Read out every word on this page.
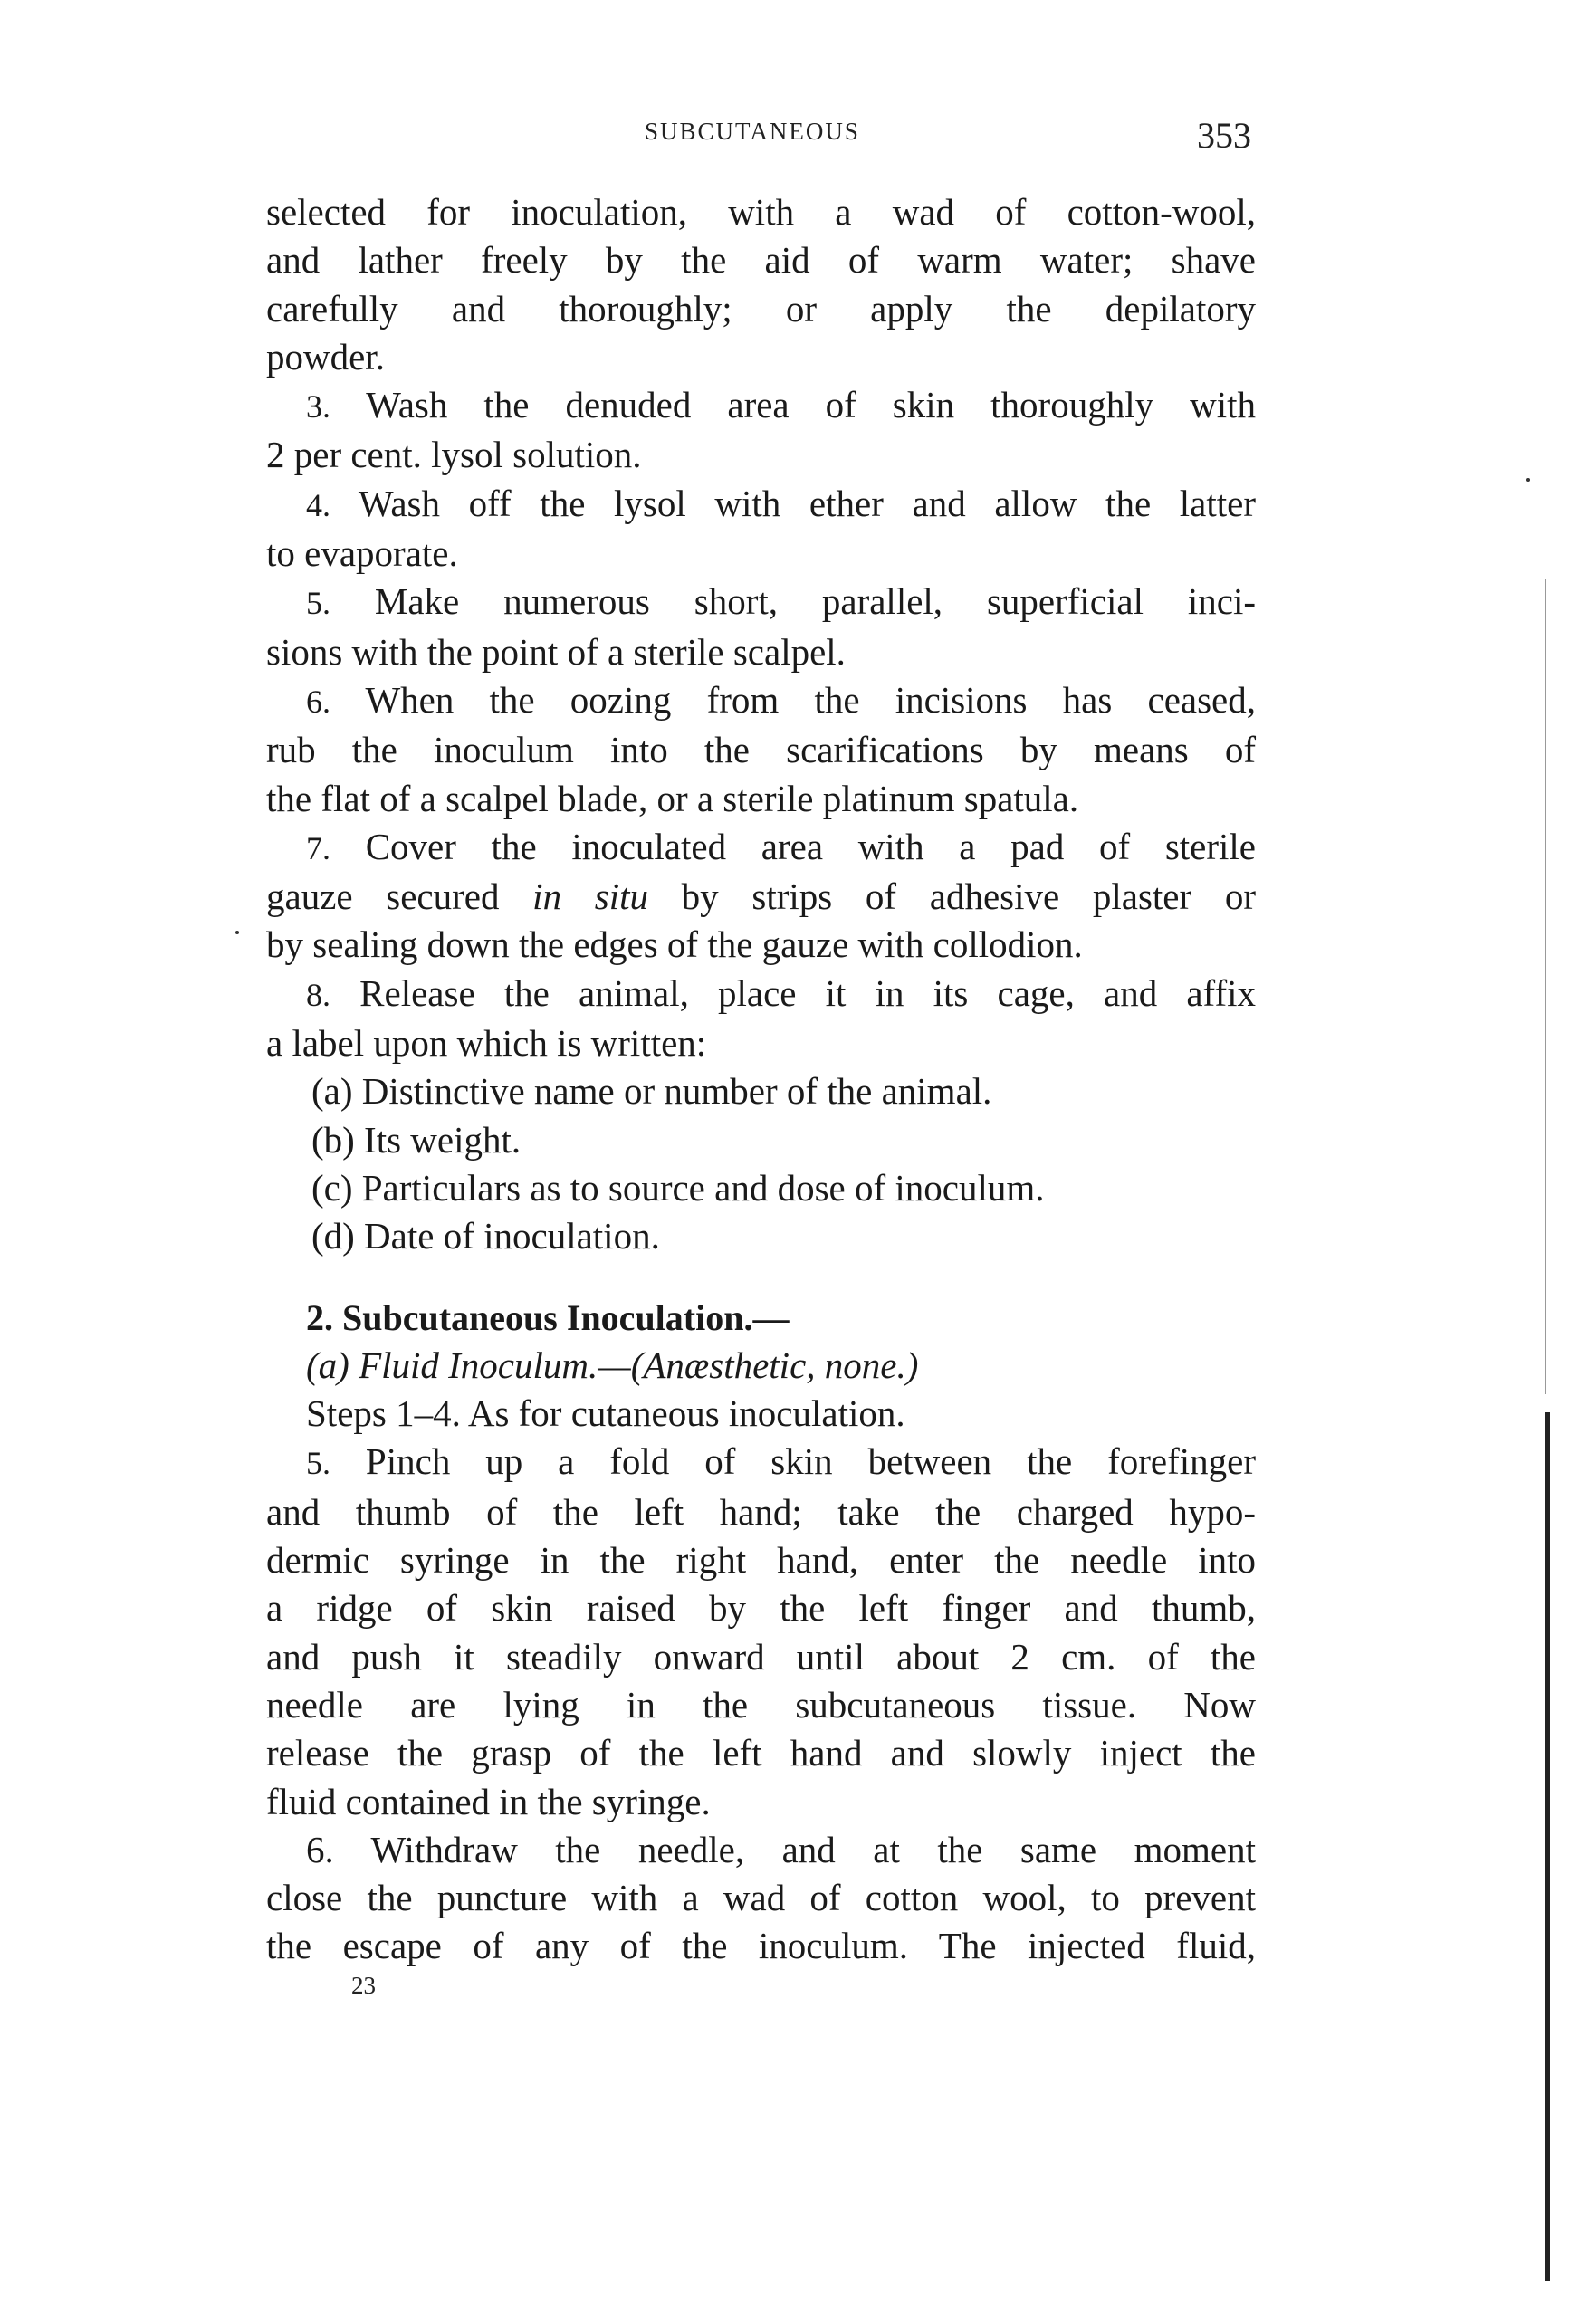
SUBCUTANEOUS	353

selected for inoculation, with a wad of cotton-wool,

and lather freely by the aid of warm water; shave

carefully and thoroughly; or apply the depilatory

powder.

3. Wash the denuded area of skin thoroughly with

2 per cent. lysol solution.

4. Wash off the lysol with ether and allow the latter

to evaporate.

5. Make numerous short, parallel, superficial inci-

sions with the point of a sterile scalpel.

6. When the oozing from the incisions has ceased,

rub the inoculum into the scarifications by means of

the flat of a scalpel blade, or a sterile platinum spatula.

7. Cover the inoculated area with a pad of sterile

gauze secured in situ by strips of adhesive plaster or

by sealing down the edges of the gauze with collodion.

8. Release the animal, place it in its cage, and affix

a label upon which is written:

(a) Distinctive name or number of the animal.

(b) Its weight.

(c) Particulars as to source and dose of inoculum.

(d) Date of inoculation.

2. Subcutaneous Inoculation.—

(a) Fluid Inoculum.—(Anæsthetic, none.)

Steps 1–4. As for cutaneous inoculation.

5. Pinch up a fold of skin between the forefinger

and thumb of the left hand; take the charged hypo-

dermic syringe in the right hand, enter the needle into

a ridge of skin raised by the left finger and thumb,

and push it steadily onward until about 2 cm. of the

needle are lying in the subcutaneous tissue. Now

release the grasp of the left hand and slowly inject the

fluid contained in the syringe.

6. Withdraw the needle, and at the same moment

close the puncture with a wad of cotton wool, to prevent

the escape of any of the inoculum. The injected fluid,

23
